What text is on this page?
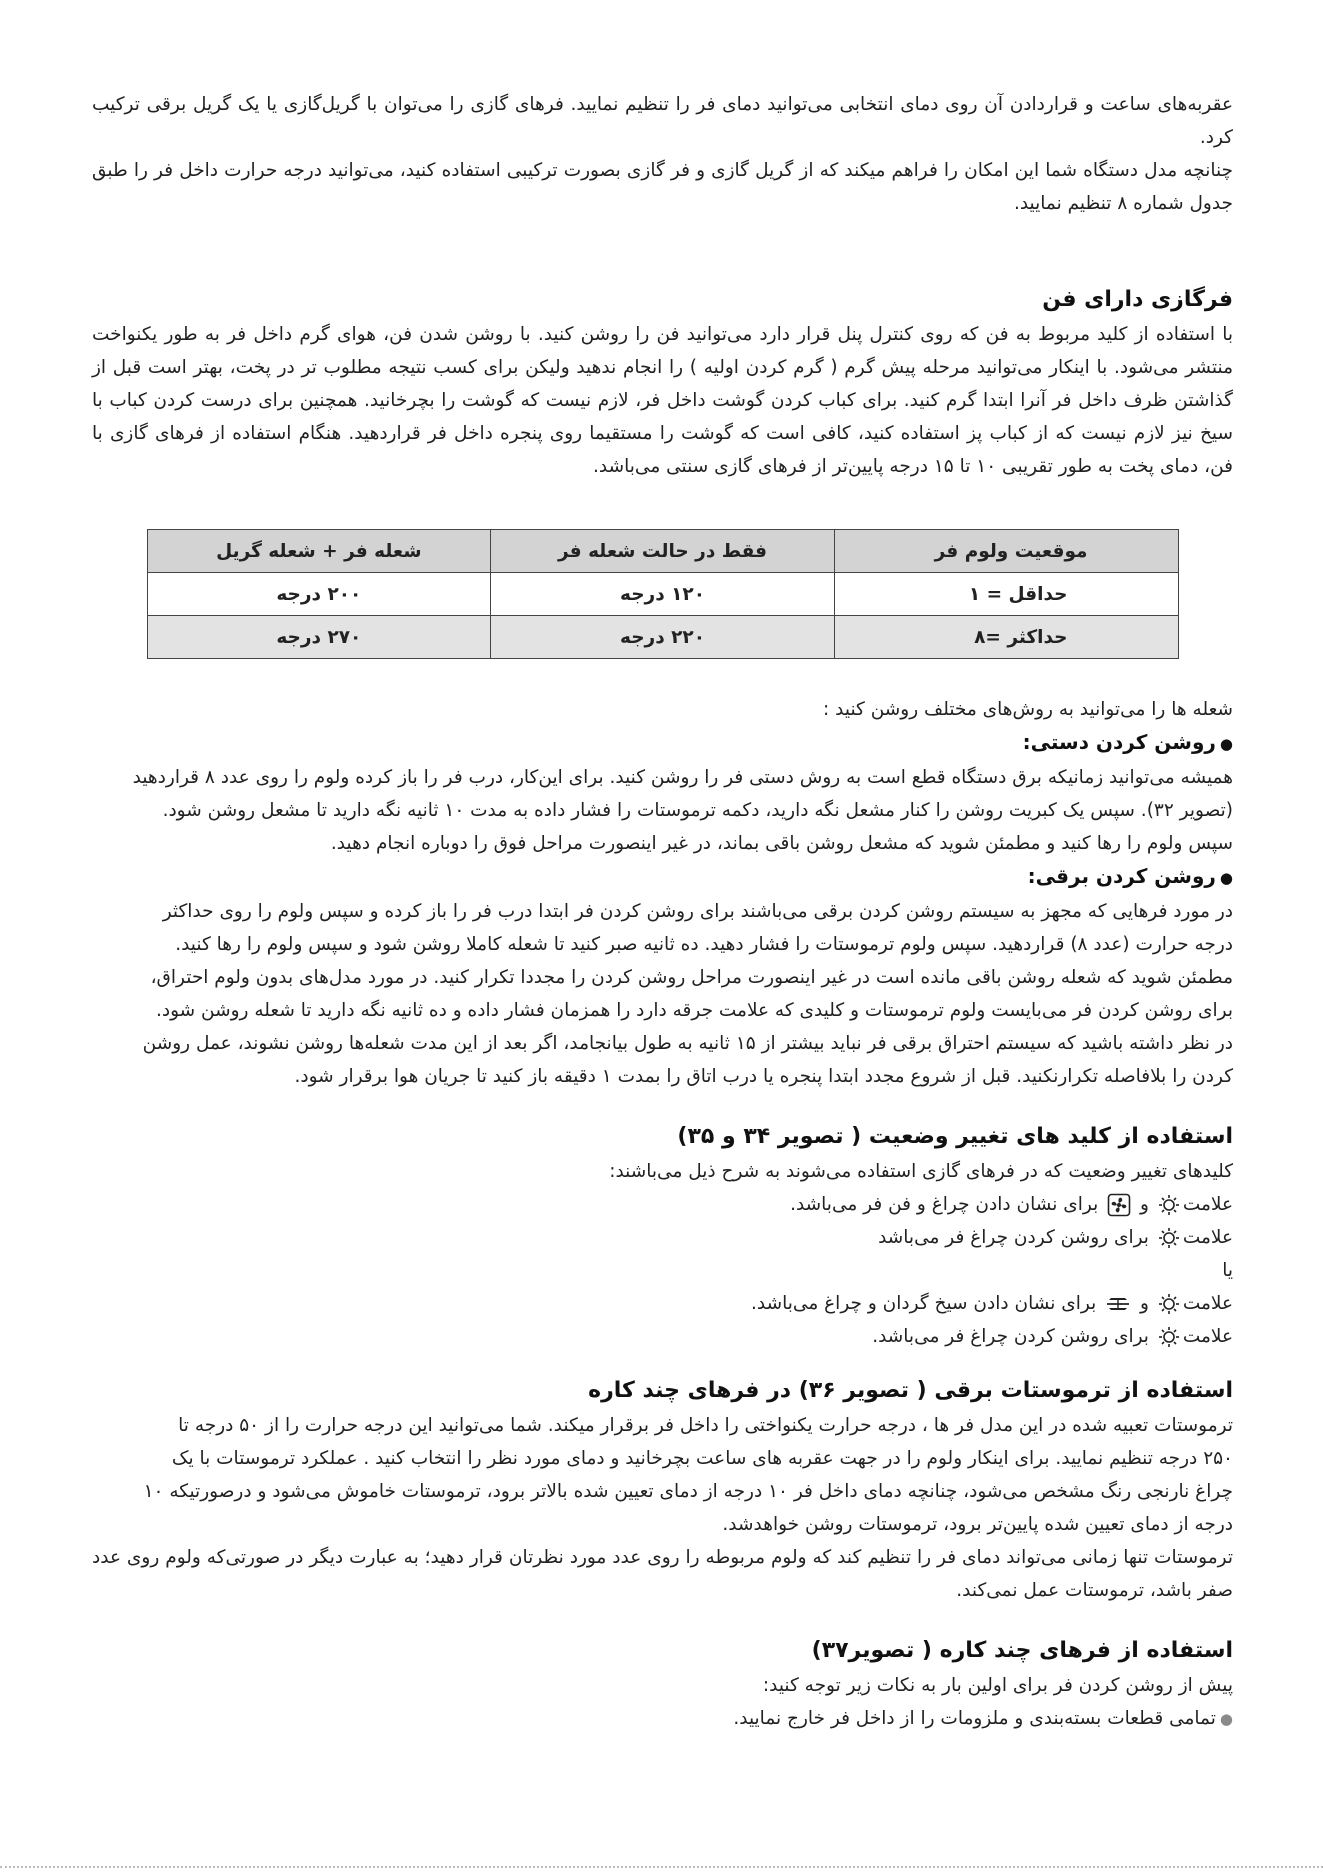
عقربه‌های ساعت و قراردادن آن روی دمای انتخابی می‌توانید دمای فر را تنظیم نمایید. فرهای گازی را می‌توان با گریل‌گازی یا یک گریل برقی ترکیب کرد.

چنانچه مدل دستگاه شما این امکان را فراهم میکند که از گریل گازی و فر گازی بصورت ترکیبی استفاده کنید، می‌توانید درجه حرارت داخل فر را طبق جدول شماره ۸ تنظیم نمایید.

فرگازی دارای فن

با استفاده از کلید مربوط به فن که روی کنترل پنل قرار دارد می‌توانید فن را روشن کنید. با روشن شدن فن، هوای گرم داخل فر به طور یکنواخت منتشر می‌شود. با اینکار می‌توانید مرحله پیش گرم ( گرم کردن اولیه ) را انجام ندهید ولیکن برای کسب نتیجه مطلوب تر در پخت، بهتر است قبل از گذاشتن ظرف داخل فر آنرا ابتدا گرم کنید. برای کباب کردن گوشت داخل فر، لازم نیست که گوشت را بچرخانید. همچنین برای درست کردن کباب با سیخ نیز لازم نیست که از کباب پز استفاده کنید، کافی است که گوشت را مستقیما روی پنجره داخل فر قراردهید. هنگام استفاده از فرهای گازی با فن، دمای پخت به طور تقریبی ۱۰ تا ۱۵ درجه پایین‌تر از فرهای گازی سنتی می‌باشد.

موقعیت ولوم فر	فقط در حالت شعله فر	شعله فر + شعله گریل
حداقل = ۱	۱۲۰ درجه	۲۰۰ درجه
حداکثر =۸	۲۲۰ درجه	۲۷۰ درجه

شعله ها را می‌توانید به روش‌های مختلف روشن کنید :

●روشن کردن دستی:

همیشه می‌توانید زمانیکه برق دستگاه قطع است به روش دستی فر را روشن کنید. برای این‌کار، درب فر را باز کرده ولوم را روی عدد ۸ قراردهید

(تصویر ۳۲). سپس یک کبریت روشن را کنار مشعل نگه دارید، دکمه ترموستات را فشار داده به مدت ۱۰ ثانیه نگه دارید تا مشعل روشن شود.

سپس ولوم را رها کنید و مطمئن شوید که مشعل روشن باقی بماند، در غیر اینصورت مراحل فوق را دوباره انجام دهید.

●روشن کردن برقی:

در مورد فرهایی که مجهز به سیستم روشن کردن برقی می‌باشند برای روشن کردن فر ابتدا درب فر را باز کرده و سپس ولوم را روی حداکثر

درجه حرارت (عدد ۸) قراردهید. سپس ولوم ترموستات را فشار دهید. ده ثانیه صبر کنید تا شعله کاملا روشن شود و سپس ولوم را رها کنید.

مطمئن شوید که شعله روشن باقی مانده است در غیر اینصورت مراحل روشن کردن را مجددا تکرار کنید. در مورد مدل‌های بدون ولوم احتراق،

برای روشن کردن فر می‌بایست ولوم ترموستات و کلیدی که علامت جرقه دارد را همزمان فشار داده و ده ثانیه نگه دارید تا شعله روشن شود.

در نظر داشته باشید که سیستم احتراق برقی فر نباید بیشتر از ۱۵ ثانیه به طول بیانجامد، اگر بعد از این مدت شعله‌ها روشن نشوند، عمل روشن

کردن را بلافاصله تکرارنکنید. قبل از شروع مجدد ابتدا پنجره یا درب اتاق را بمدت ۱ دقیقه باز کنید تا جریان هوا برقرار شود.

استفاده از کلید های تغییر وضعیت ( تصویر ۳۴ و ۳۵)

کلیدهای تغییر وضعیت که در فرهای گازی استفاده می‌شوند به شرح ذیل می‌باشند:

علامت
و
برای نشان دادن چراغ و فن فر می‌باشد.

علامت
برای روشن کردن چراغ فر می‌باشد

یا

علامت
و
برای نشان دادن سیخ گردان و چراغ می‌باشد.

علامت
برای روشن کردن چراغ فر می‌باشد.

استفاده از ترموستات برقی ( تصویر ۳۶) در فرهای چند کاره

ترموستات تعبیه شده در این مدل فر ها ، درجه حرارت یکنواختی را داخل فر برقرار میکند. شما می‌توانید این درجه حرارت را از ۵۰ درجه تا

۲۵۰ درجه تنظیم نمایید. برای اینکار ولوم را در جهت عقربه های ساعت بچرخانید و دمای مورد نظر را انتخاب کنید . عملکرد ترموستات با یک

چراغ نارنجی رنگ مشخص می‌شود، چنانچه دمای داخل فر ۱۰ درجه از دمای تعیین شده بالاتر برود، ترموستات خاموش می‌شود و درصورتیکه ۱۰

درجه از دمای تعیین شده پایین‌تر برود، ترموستات روشن خواهدشد.

ترموستات تنها زمانی می‌تواند دمای فر را تنظیم کند که ولوم مربوطه را روی عدد مورد نظرتان قرار دهید؛ به عبارت دیگر در صورتی‌که ولوم روی عدد صفر باشد، ترموستات عمل نمی‌کند.

استفاده از فرهای چند کاره ( تصویر۳۷)

پیش از روشن کردن فر برای اولین بار به نکات زیر توجه کنید:

●تمامی قطعات بسته‌بندی و ملزومات را از داخل فر خارج نمایید.
